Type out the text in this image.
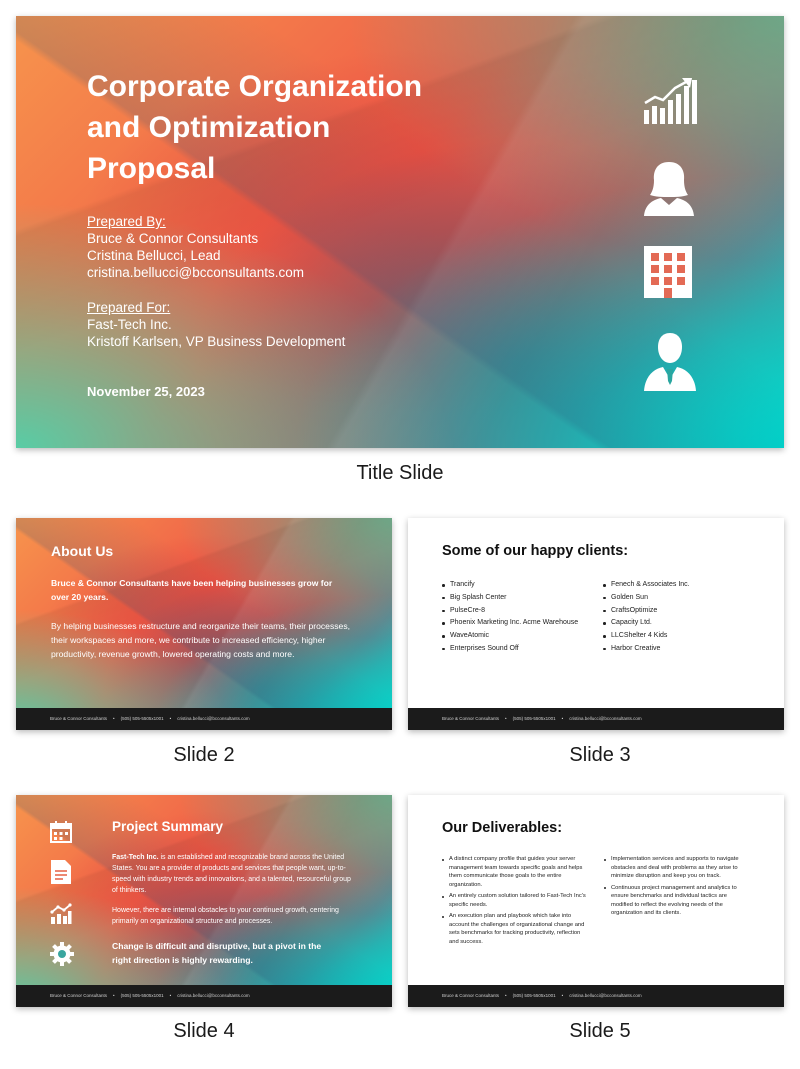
Corporate Organization and Optimization Proposal
Prepared By:
Bruce & Connor Consultants
Cristina Bellucci, Lead
cristina.bellucci@bcconsultants.com
Prepared For:
Fast-Tech Inc.
Kristoff Karlsen, VP Business Development
November 25, 2023
Title Slide
About Us
Bruce & Connor Consultants have been helping businesses grow for over 20 years.
By helping businesses restructure and reorganize their teams, their processes, their workspaces and more, we contribute to increased efficiency, higher productivity, revenue growth, lowered operating costs and more.
Bruce & Connor Consultants • (505) 505-5505x1001 • cristina.bellucci@bcconsultants.com
Slide 2
Some of our happy clients:
Trancify
Big Splash Center
PulseCre-8
Phoenix Marketing Inc. Acme Warehouse
WaveAtomic
Enterprises Sound Off
Fenech & Associates Inc.
Golden Sun
CraftsOptimize
Capacity Ltd.
LLCShelter 4 Kids
Harbor Creative
Bruce & Connor Consultants • (505) 505-5505x1001 • cristina.bellucci@bcconsultants.com
Slide 3
Project Summary
Fast-Tech Inc. is an established and recognizable brand across the United States. You are a provider of products and services that people want, up-to-speed with industry trends and innovations, and a talented, resourceful group of thinkers.
However, there are internal obstacles to your continued growth, centering primarily on organizational structure and processes.
Change is difficult and disruptive, but a pivot in the right direction is highly rewarding.
Bruce & Connor Consultants • (505) 505-5505x1001 • cristina.bellucci@bcconsultants.com
Slide 4
Our Deliverables:
A distinct company profile that guides your server management team towards specific goals and helps them communicate those goals to the entire organization.
An entirely custom solution tailored to Fast-Tech Inc's specific needs.
An execution plan and playbook which take into account the challenges of organizational change and sets benchmarks for tracking productivity, reflection and success.
Implementation services and supports to navigate obstacles and deal with problems as they arise to minimize disruption and keep you on track.
Continuous project management and analytics to ensure benchmarks and individual tactics are modified to reflect the evolving needs of the organization and its clients.
Bruce & Connor Consultants • (505) 505-5505x1001 • cristina.bellucci@bcconsultants.com
Slide 5
